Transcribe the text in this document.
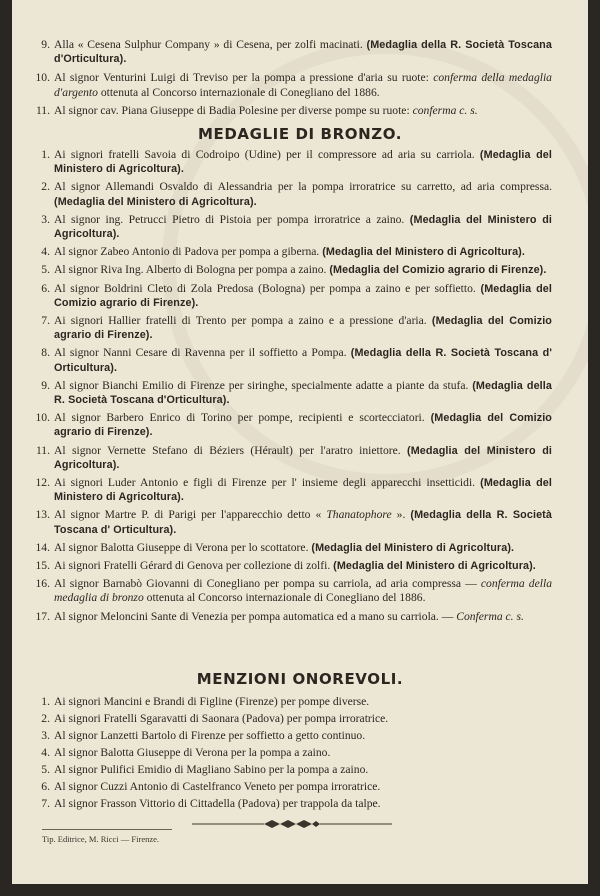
9. Alla « Cesena Sulphur Company » di Cesena, per zolfi macinati. (Medaglia della R. Società Toscana d'Orticultura).
10. Al signor Venturini Luigi di Treviso per la pompa a pressione d'aria su ruote: conferma della medaglia d'argento ottenuta al Concorso internazionale di Conegliano del 1886.
11. Al signor cav. Piana Giuseppe di Badia Polesine per diverse pompe su ruote: conferma c. s.
MEDAGLIE DI BRONZO.
1. Ai signori fratelli Savoia di Codroipo (Udine) per il compressore ad aria su carriola. (Medaglia del Ministero di Agricoltura).
2. Al signor Allemandi Osvaldo di Alessandria per la pompa irroratrice su carretto, ad aria compressa. (Medaglia del Ministero di Agricoltura).
3. Al signor ing. Petrucci Pietro di Pistoia per pompa irroratrice a zaino. (Medaglia del Ministero di Agricoltura).
4. Al signor Zabeo Antonio di Padova per pompa a giberna. (Medaglia del Ministero di Agricoltura).
5. Al signor Riva Ing. Alberto di Bologna per pompa a zaino. (Medaglia del Comizio agrario di Firenze).
6. Al signor Boldrini Cleto di Zola Predosa (Bologna) per pompa a zaino e per soffietto. (Medaglia del Comizio agrario di Firenze).
7. Ai signori Hallier fratelli di Trento per pompa a zaino e a pressione d'aria. (Medaglia del Comizio agrario di Firenze).
8. Al signor Nanni Cesare di Ravenna per il soffietto a Pompa. (Medaglia della R. Società Toscana d' Orticultura).
9. Al signor Bianchi Emilio di Firenze per siringhe, specialmente adatte a piante da stufa. (Medaglia della R. Società Toscana d'Orticultura).
10. Al signor Barbero Enrico di Torino per pompe, recipienti e scortecciatori. (Medaglia del Comizio agrario di Firenze).
11. Al signor Vernette Stefano di Béziers (Hérault) per l'aratro iniettore. (Medaglia del Ministero di Agricoltura).
12. Ai signori Luder Antonio e figli di Firenze per l' insieme degli apparecchi insetticidi. (Medaglia del Ministero di Agricoltura).
13. Al signor Martre P. di Parigi per l'apparecchio detto « Thanatophore ». (Medaglia della R. Società Toscana d' Orticultura).
14. Al signor Balotta Giuseppe di Verona per lo scottatore. (Medaglia del Ministero di Agricoltura).
15. Ai signori Fratelli Gérard di Genova per collezione di zolfi. (Medaglia del Ministero di Agricoltura).
16. Al signor Barnabò Giovanni di Conegliano per pompa su carriola, ad aria compressa — conferma della medaglia di bronzo ottenuta al Concorso internazionale di Conegliano del 1886.
17. Al signor Meloncini Sante di Venezia per pompa automatica ed a mano su carriola. — Conferma c. s.
MENZIONI ONOREVOLI.
1. Ai signori Mancini e Brandi di Figline (Firenze) per pompe diverse.
2. Ai signori Fratelli Sgaravatti di Saonara (Padova) per pompa irroratrice.
3. Al signor Lanzetti Bartolo di Firenze per soffietto a getto continuo.
4. Al signor Balotta Giuseppe di Verona per la pompa a zaino.
5. Al signor Pulifici Emidio di Magliano Sabino per la pompa a zaino.
6. Al signor Cuzzi Antonio di Castelfranco Veneto per pompa irroratrice.
7. Al signor Frasson Vittorio di Cittadella (Padova) per trappola da talpe.
Tip. Editrice, M. Ricci — Firenze.
